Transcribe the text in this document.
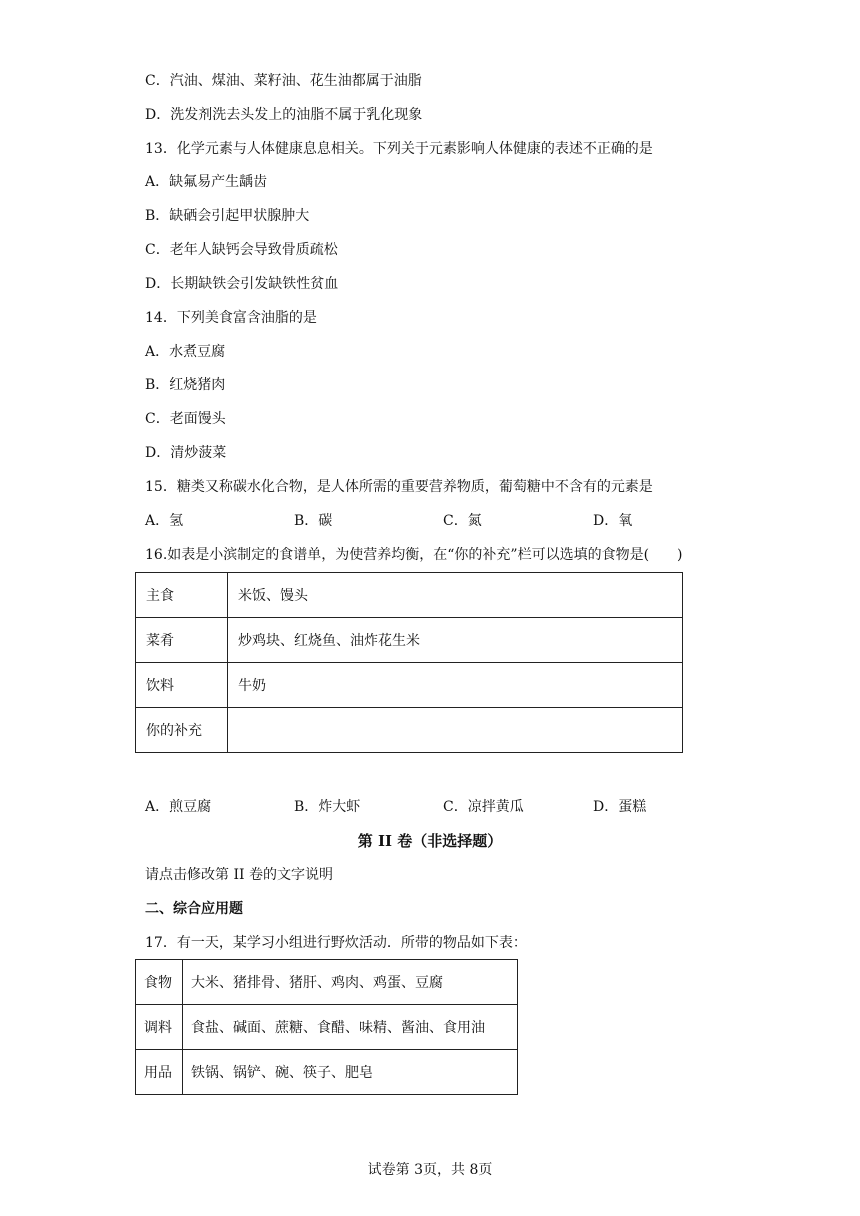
C．汽油、煤油、菜籽油、花生油都属于油脂
D．洗发剂洗去头发上的油脂不属于乳化现象
13．化学元素与人体健康息息相关。下列关于元素影响人体健康的表述不正确的是
A．缺氟易产生龋齿
B．缺硒会引起甲状腺肿大
C．老年人缺钙会导致骨质疏松
D．长期缺铁会引发缺铁性贫血
14．下列美食富含油脂的是
A．水煮豆腐
B．红烧猪肉
C．老面馒头
D．清炒菠菜
15．糖类又称碳水化合物，是人体所需的重要营养物质，葡萄糖中不含有的元素是
A．氢	B．碳	C．氮	D．氧
16.如表是小滨制定的食谱单，为使营养均衡，在“你的补充”栏可以选填的食物是(　　)
主食	米饭、馒头
菜肴	炒鸡块、红烧鱼、油炸花生米
饮料	牛奶
你的补充	
A．煎豆腐	B．炸大虾	C．凉拌黄瓜	D．蛋糕
第 II 卷（非选择题）
请点击修改第 II 卷的文字说明
二、综合应用题
17．有一天，某学习小组进行野炊活动．所带的物品如下表：
食物	大米、猪排骨、猪肝、鸡肉、鸡蛋、豆腐
调料	食盐、碱面、蔗糖、食醋、味精、酱油、食用油
用品	铁锅、锅铲、碗、筷子、肥皂
试卷第 3页，共 8页
